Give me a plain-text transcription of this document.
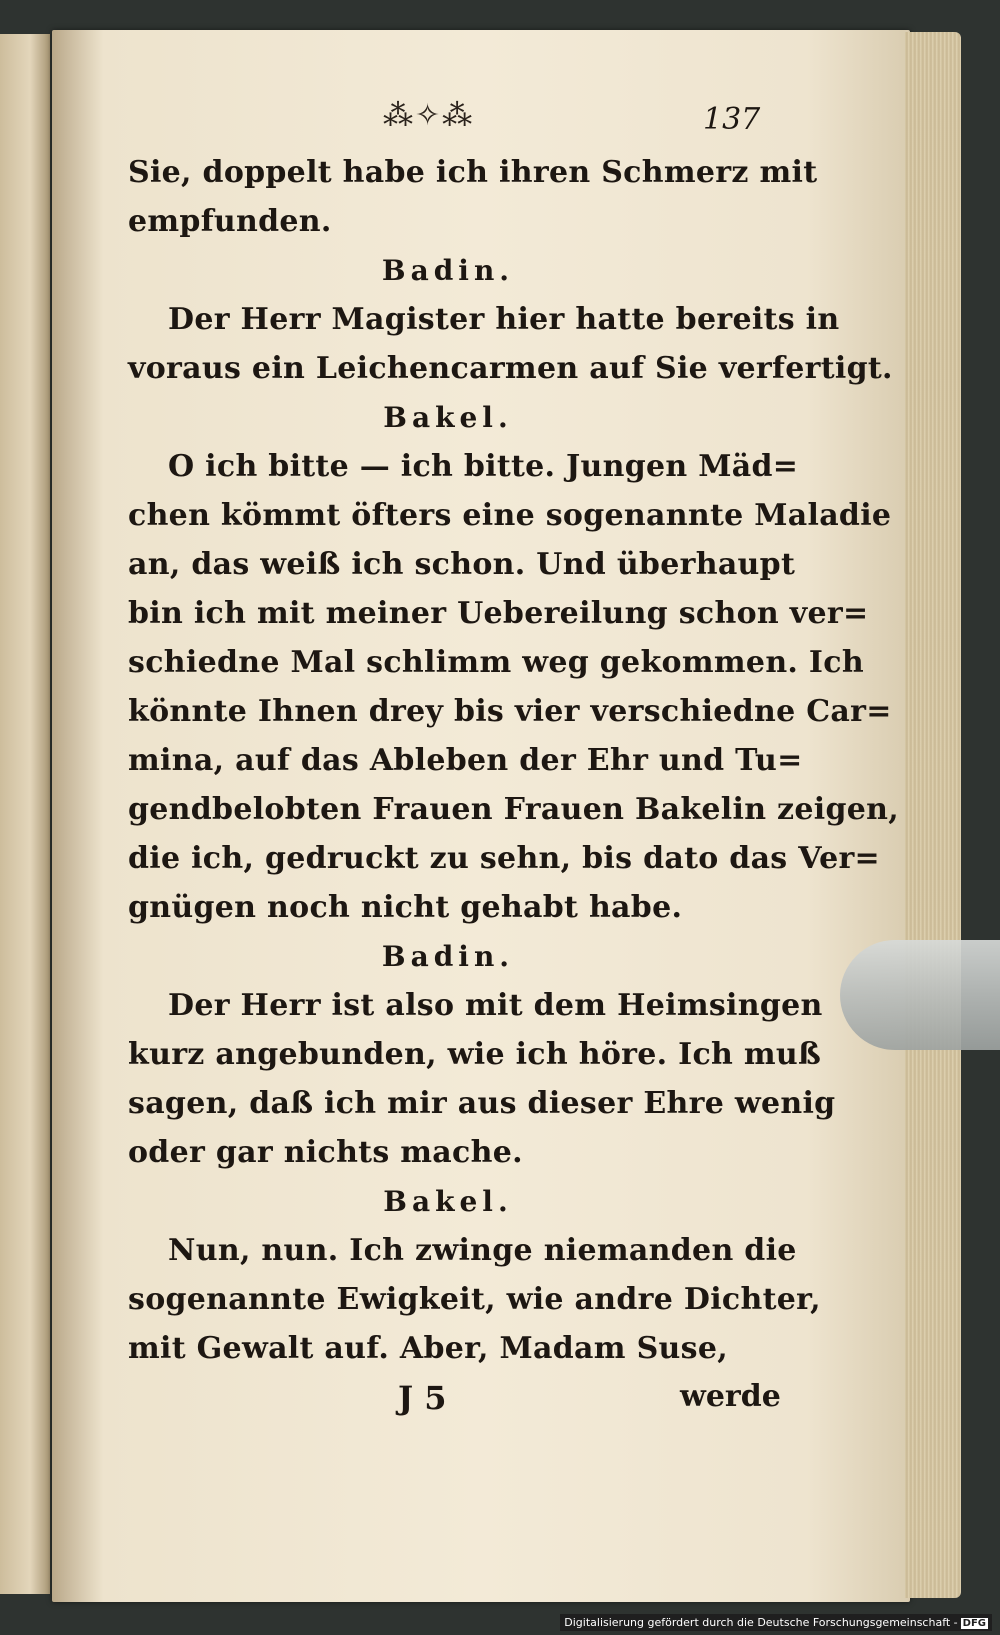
⁂✧⁂	137
Sie, doppelt habe ich ihren Schmerz mit
empfunden.
Badin.
Der Herr Magister hier hatte bereits in
voraus ein Leichencarmen auf Sie verfertigt.
Bakel.
O ich bitte — ich bitte. Jungen Mäd=
chen kömmt öfters eine sogenannte Maladie
an, das weiß ich schon. Und überhaupt
bin ich mit meiner Uebereilung schon ver=
schiedne Mal schlimm weg gekommen. Ich
könnte Ihnen drey bis vier verschiedne Car=
mina, auf das Ableben der Ehr und Tu=
gendbelobten Frauen Frauen Bakelin zeigen,
die ich, gedruckt zu sehn, bis dato das Ver=
gnügen noch nicht gehabt habe.
Badin.
Der Herr ist also mit dem Heimsingen
kurz angebunden, wie ich höre. Ich muß
sagen, daß ich mir aus dieser Ehre wenig
oder gar nichts mache.
Bakel.
Nun, nun. Ich zwinge niemanden die
sogenannte Ewigkeit, wie andre Dichter,
mit Gewalt auf. Aber, Madam Suse,
J 5	werde
Digitalisierung gefördert durch die Deutsche Forschungsgemeinschaft - DFG
